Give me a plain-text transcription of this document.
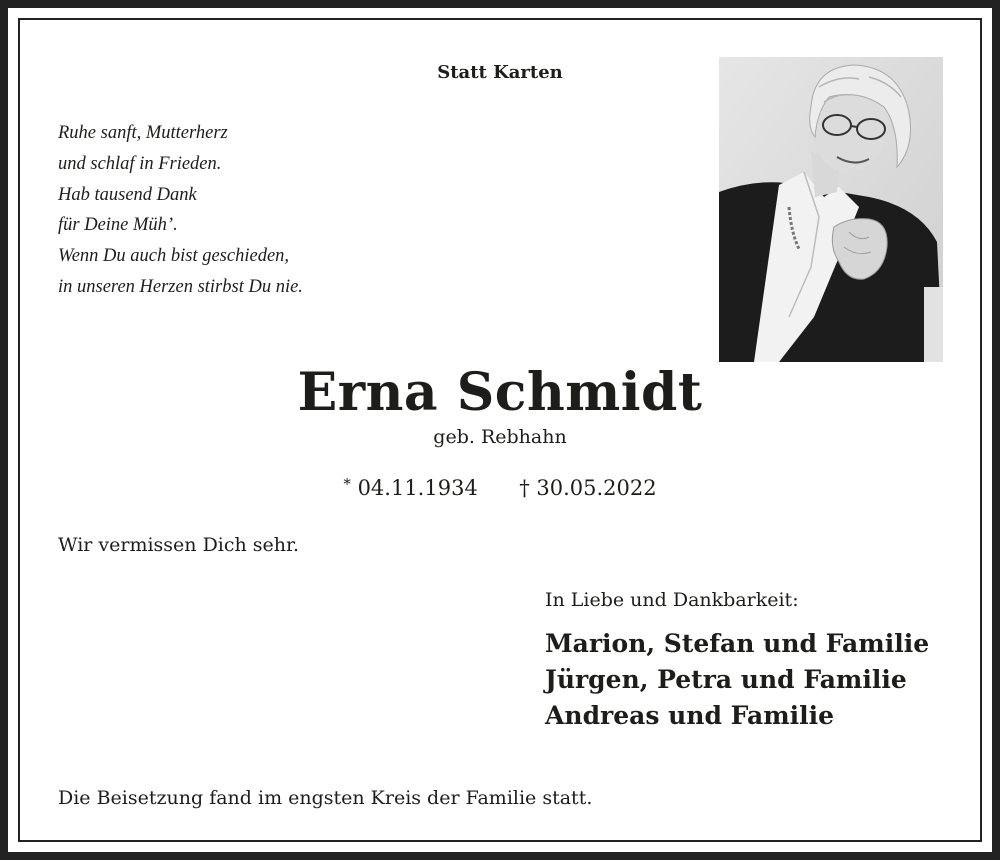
Statt Karten
Ruhe sanft, Mutterherz
und schlaf in Frieden.
Hab tausend Dank
für Deine Müh’.
Wenn Du auch bist geschieden,
in unseren Herzen stirbst Du nie.
Erna Schmidt
geb. Rebhahn
* 04.11.1934 † 30.05.2022
Wir vermissen Dich sehr.
In Liebe und Dankbarkeit:
Marion, Stefan und Familie
Jürgen, Petra und Familie
Andreas und Familie
Die Beisetzung fand im engsten Kreis der Familie statt.
